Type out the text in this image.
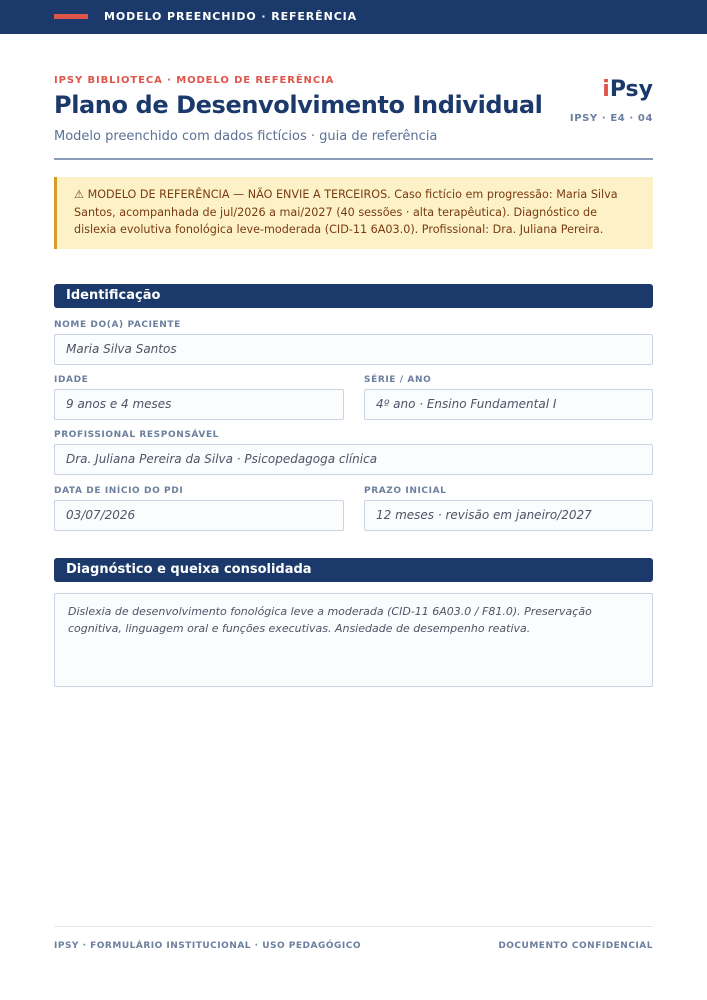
MODELO PREENCHIDO · REFERÊNCIA
IPSY BIBLIOTECA · MODELO DE REFERÊNCIA
Plano de Desenvolvimento Individual
Modelo preenchido com dados fictícios · guia de referência
iPsy
IPSY · E4 · 04
⚠ MODELO DE REFERÊNCIA — NÃO ENVIE A TERCEIROS. Caso fictício em progressão: Maria Silva Santos, acompanhada de jul/2026 a mai/2027 (40 sessões · alta terapêutica). Diagnóstico de dislexia evolutiva fonológica leve-moderada (CID-11 6A03.0). Profissional: Dra. Juliana Pereira.
Identificação
NOME DO(A) PACIENTE
Maria Silva Santos
IDADE
9 anos e 4 meses
SÉRIE / ANO
4º ano · Ensino Fundamental I
PROFISSIONAL RESPONSÁVEL
Dra. Juliana Pereira da Silva · Psicopedagoga clínica
DATA DE INÍCIO DO PDI
03/07/2026
PRAZO INICIAL
12 meses · revisão em janeiro/2027
Diagnóstico e queixa consolidada
Dislexia de desenvolvimento fonológica leve a moderada (CID-11 6A03.0 / F81.0). Preservação cognitiva, linguagem oral e funções executivas. Ansiedade de desempenho reativa.
IPSY · FORMULÁRIO INSTITUCIONAL · USO PEDAGÓGICO	DOCUMENTO CONFIDENCIAL
